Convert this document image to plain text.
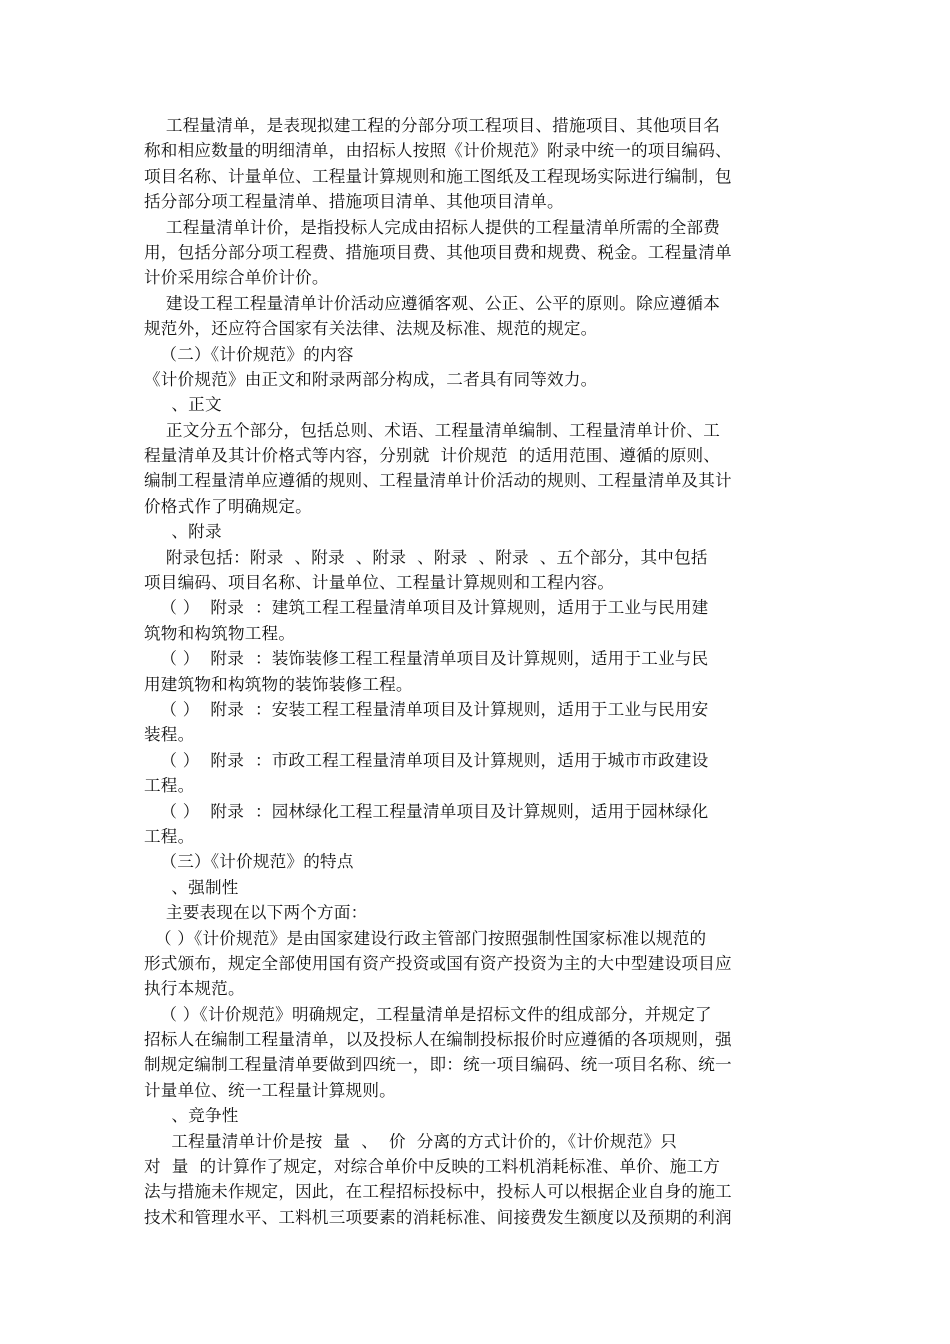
工程量清单，是表现拟建工程的分部分项工程项目、措施项目、其他项目名
称和相应数量的明细清单，由招标人按照《计价规范》附录中统一的项目编码、
项目名称、计量单位、工程量计算规则和施工图纸及工程现场实际进行编制，包
括分部分项工程量清单、措施项目清单、其他项目清单。
工程量清单计价，是指投标人完成由招标人提供的工程量清单所需的全部费
用，包括分部分项工程费、措施项目费、其他项目费和规费、税金。工程量清单
计价采用综合单价计价。
建设工程工程量清单计价活动应遵循客观、公正、公平的原则。除应遵循本
规范外，还应符合国家有关法律、法规及标准、规范的规定。
（二）《计价规范》的内容
《计价规范》由正文和附录两部分构成，二者具有同等效力。
、正文
正文分五个部分，包括总则、术语、工程量清单编制、工程量清单计价、工
程量清单及其计价格式等内容，分别就  计价规范  的适用范围、遵循的原则、
编制工程量清单应遵循的规则、工程量清单计价活动的规则、工程量清单及其计
价格式作了明确规定。
、附录
附录包括：附录  、附录  、附录  、附录  、附录  、五个部分，其中包括
项目编码、项目名称、计量单位、工程量计算规则和工程内容。
（ ）  附录  ：建筑工程工程量清单项目及计算规则，适用于工业与民用建
筑物和构筑物工程。
（ ）  附录  ：装饰装修工程工程量清单项目及计算规则，适用于工业与民
用建筑物和构筑物的装饰装修工程。
（ ）  附录  ：安装工程工程量清单项目及计算规则，适用于工业与民用安
装程。
（ ）  附录  ：市政工程工程量清单项目及计算规则，适用于城市市政建设
工程。
（ ）  附录  ：园林绿化工程工程量清单项目及计算规则，适用于园林绿化
工程。
（三）《计价规范》的特点
、强制性
主要表现在以下两个方面：
（ ）《计价规范》是由国家建设行政主管部门按照强制性国家标准以规范的
形式颁布，规定全部使用国有资产投资或国有资产投资为主的大中型建设项目应
执行本规范。
（ ）《计价规范》明确规定，工程量清单是招标文件的组成部分，并规定了
招标人在编制工程量清单，以及投标人在编制投标报价时应遵循的各项规则，强
制规定编制工程量清单要做到四统一，即：统一项目编码、统一项目名称、统一
计量单位、统一工程量计算规则。
、竞争性
工程量清单计价是按  量  、  价  分离的方式计价的，《计价规范》只
对  量  的计算作了规定，对综合单价中反映的工料机消耗标准、单价、施工方
法与措施未作规定，因此，在工程招标投标中，投标人可以根据企业自身的施工
技术和管理水平、工料机三项要素的消耗标准、间接费发生额度以及预期的利润
